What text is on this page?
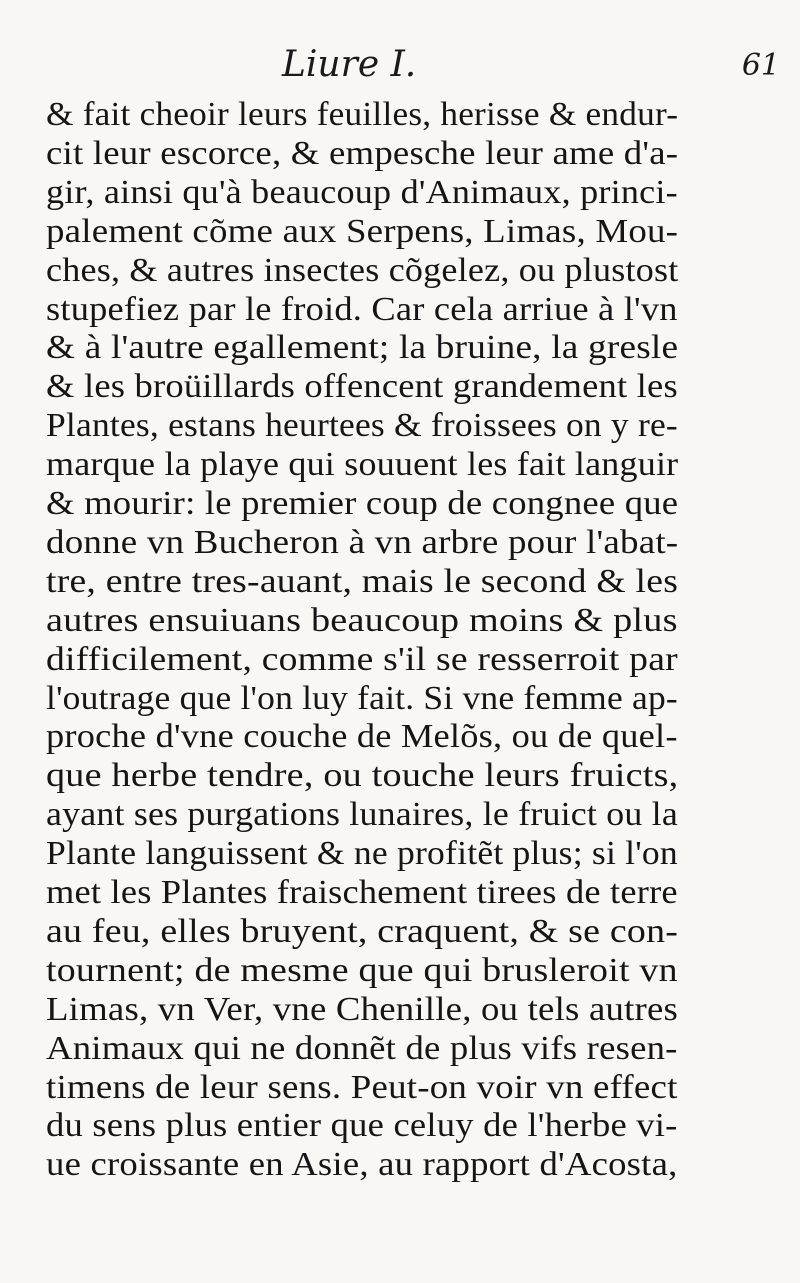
Liure I.	61
& fait cheoir leurs feuilles, herisse & endur-
cit leur escorce, & empesche leur ame d'a-
gir, ainsi qu'à beaucoup d'Animaux, princi-
palement cõme aux Serpens, Limas, Mou-
ches, & autres insectes cõgelez, ou plustost
stupefiez par le froid. Car cela arriue à l'vn
& à l'autre egallement; la bruine, la gresle
& les broüillards offencent grandement les
Plantes, estans heurtees & froissees on y re-
marque la playe qui souuent les fait languir
& mourir: le premier coup de congnee que
donne vn Bucheron à vn arbre pour l'abat-
tre, entre tres-auant, mais le second & les
autres ensuiuans beaucoup moins & plus
difficilement, comme s'il se resserroit par
l'outrage que l'on luy fait. Si vne femme ap-
proche d'vne couche de Melõs, ou de quel-
que herbe tendre, ou touche leurs fruicts,
ayant ses purgations lunaires, le fruict ou la
Plante languissent & ne profitẽt plus; si l'on
met les Plantes fraischement tirees de terre
au feu, elles bruyent, craquent, & se con-
tournent; de mesme que qui brusleroit vn
Limas, vn Ver, vne Chenille, ou tels autres
Animaux qui ne donnẽt de plus vifs resen-
timens de leur sens. Peut-on voir vn effect
du sens plus entier que celuy de l'herbe vi-
ue croissante en Asie, au rapport d'Acosta,
